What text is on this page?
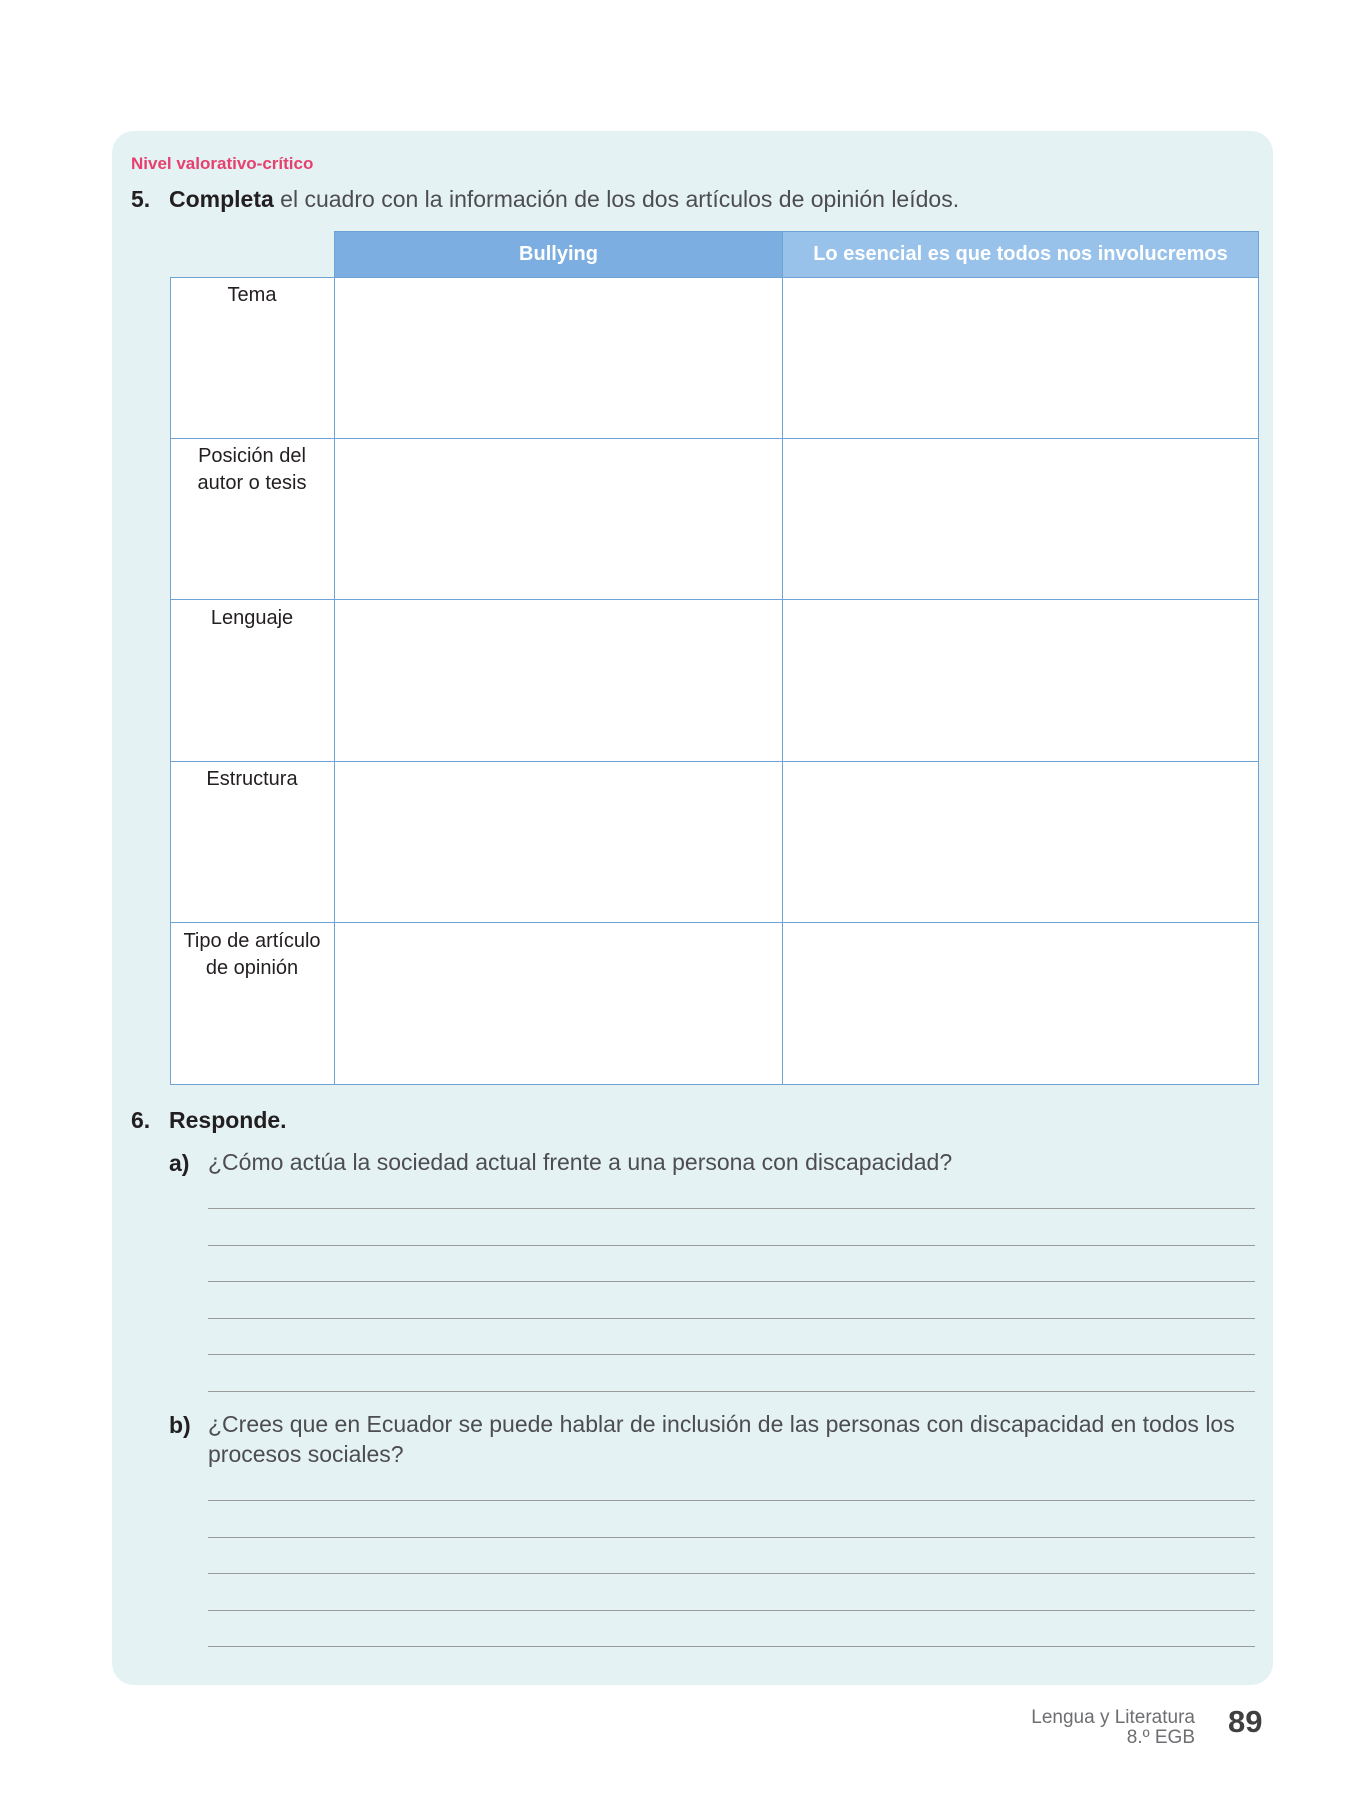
Nivel valorativo-crítico
5. Completa el cuadro con la información de los dos artículos de opinión leídos.
Bullying	Lo esencial es que todos nos involucremos
Tema
Posición del autor o tesis
Lenguaje
Estructura
Tipo de artículo de opinión
6. Responde.
a) ¿Cómo actúa la sociedad actual frente a una persona con discapacidad?
b) ¿Crees que en Ecuador se puede hablar de inclusión de las personas con discapacidad en todos los procesos sociales?
Lengua y Literatura
8.º EGB 89
